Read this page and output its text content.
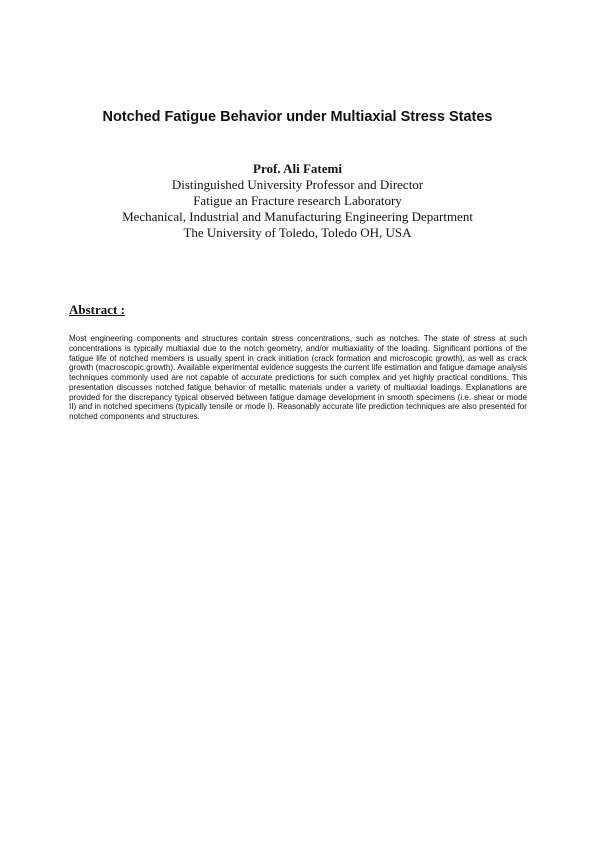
Notched Fatigue Behavior under Multiaxial Stress States
Prof. Ali Fatemi
Distinguished University Professor and Director
Fatigue an Fracture research Laboratory
Mechanical, Industrial and Manufacturing Engineering Department
The University of Toledo, Toledo OH, USA
Abstract :

Most engineering components and structures contain stress concentrations, such as notches. The state of stress at such concentrations is typically multiaxial due to the notch geometry, and/or multiaxiality of the loading. Significant portions of the fatigue life of notched members is usually spent in crack initiation (crack formation and microscopic growth), as well as crack growth (macroscopic growth). Available experimental evidence suggests the current life estimation and fatigue damage analysis techniques commonly used are not capable of accurate predictions for such complex and yet highly practical conditions. This presentation discusses notched fatigue behavior of metallic materials under a variety of multiaxial loadings. Explanations are provided for the discrepancy typical observed between fatigue damage development in smooth specimens (i.e. shear or mode II) and in notched specimens (typically tensile or mode I). Reasonably accurate life prediction techniques are also presented for notched components and structures.
